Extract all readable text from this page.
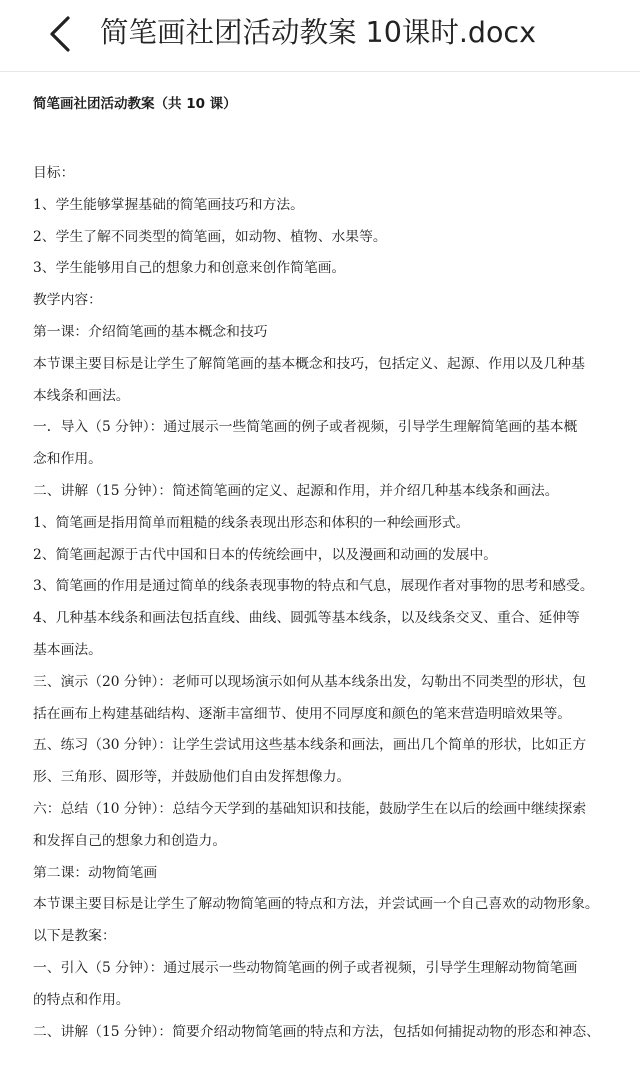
简笔画社团活动教案 10课时.docx
简笔画社团活动教案（共 10 课）
目标：
1、学生能够掌握基础的简笔画技巧和方法。
2、学生了解不同类型的简笔画，如动物、植物、水果等。
3、学生能够用自己的想象力和创意来创作简笔画。
教学内容：
第一课：介绍简笔画的基本概念和技巧
本节课主要目标是让学生了解简笔画的基本概念和技巧，包括定义、起源、作用以及几种基
本线条和画法。
一．导入（5 分钟）：通过展示一些简笔画的例子或者视频，引导学生理解简笔画的基本概
念和作用。
二、讲解（15 分钟）：简述简笔画的定义、起源和作用，并介绍几种基本线条和画法。
1、简笔画是指用简单而粗糙的线条表现出形态和体积的一种绘画形式。
2、简笔画起源于古代中国和日本的传统绘画中，以及漫画和动画的发展中。
3、简笔画的作用是通过简单的线条表现事物的特点和气息，展现作者对事物的思考和感受。
4、几种基本线条和画法包括直线、曲线、圆弧等基本线条，以及线条交叉、重合、延伸等
基本画法。
三、演示（20 分钟）：老师可以现场演示如何从基本线条出发，勾勒出不同类型的形状，包
括在画布上构建基础结构、逐渐丰富细节、使用不同厚度和颜色的笔来营造明暗效果等。
五、练习（30 分钟）：让学生尝试用这些基本线条和画法，画出几个简单的形状，比如正方
形、三角形、圆形等，并鼓励他们自由发挥想像力。
六：总结（10 分钟）：总结今天学到的基础知识和技能，鼓励学生在以后的绘画中继续探索
和发挥自己的想象力和创造力。
第二课：动物简笔画
本节课主要目标是让学生了解动物简笔画的特点和方法，并尝试画一个自己喜欢的动物形象。
以下是教案：
一、引入（5 分钟）：通过展示一些动物简笔画的例子或者视频，引导学生理解动物简笔画
的特点和作用。
二、讲解（15 分钟）：简要介绍动物简笔画的特点和方法，包括如何捕捉动物的形态和神态、
